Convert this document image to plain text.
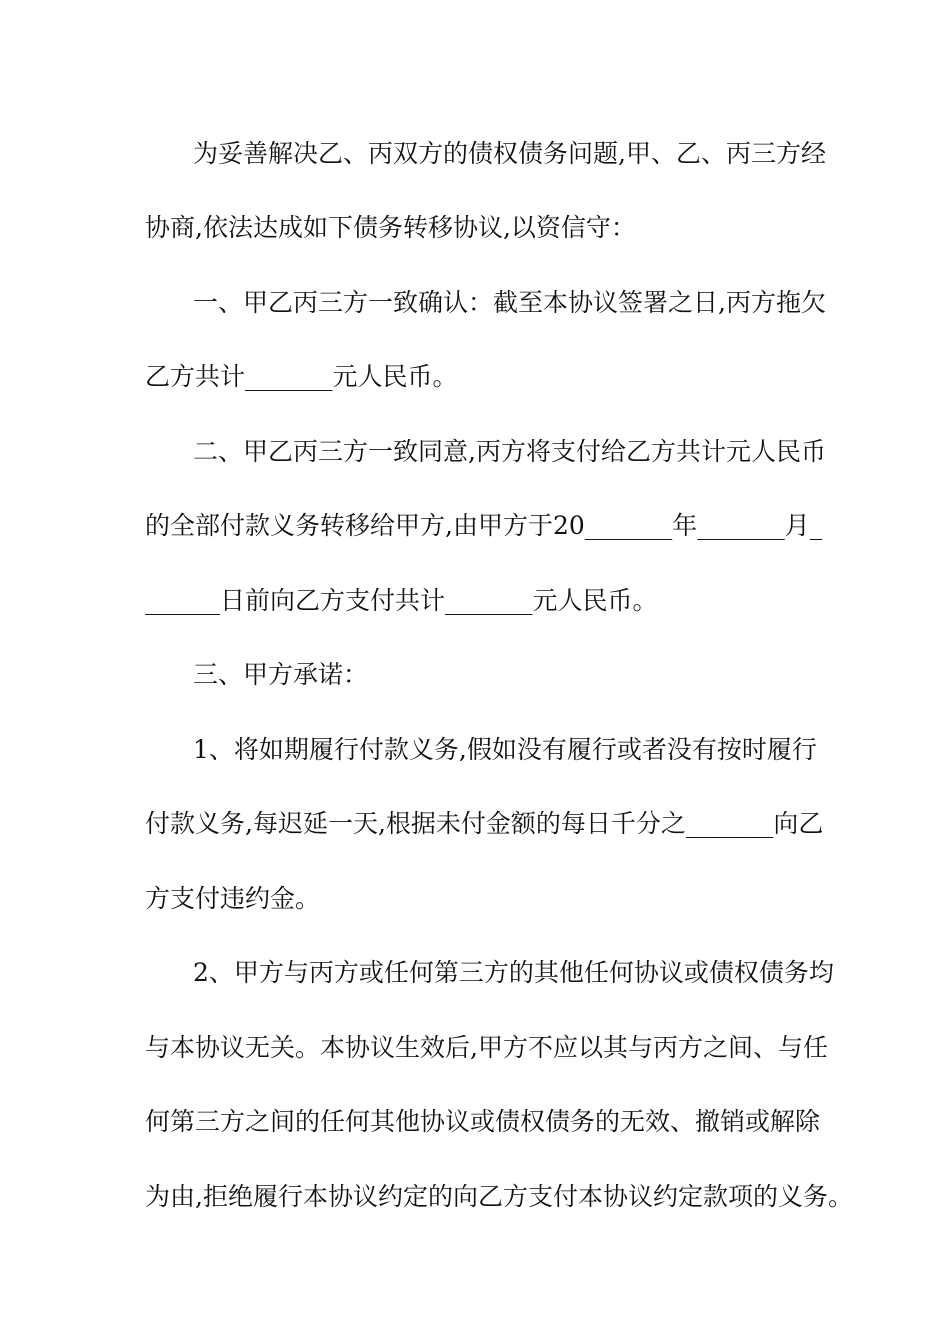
为妥善解决乙、丙双方的债权债务问题,甲、乙、丙三方经
协商,依法达成如下债务转移协议,以资信守：
一、甲乙丙三方一致确认：截至本协议签署之日,丙方拖欠
乙方共计_______元人民币。
二、甲乙丙三方一致同意,丙方将支付给乙方共计元人民币
的全部付款义务转移给甲方,由甲方于20_______年_______月_
______日前向乙方支付共计_______元人民币。
三、甲方承诺：
1、将如期履行付款义务,假如没有履行或者没有按时履行
付款义务,每迟延一天,根据未付金额的每日千分之_______向乙
方支付违约金。
2、甲方与丙方或任何第三方的其他任何协议或债权债务均
与本协议无关。本协议生效后,甲方不应以其与丙方之间、与任
何第三方之间的任何其他协议或债权债务的无效、撤销或解除
为由,拒绝履行本协议约定的向乙方支付本协议约定款项的义务。
